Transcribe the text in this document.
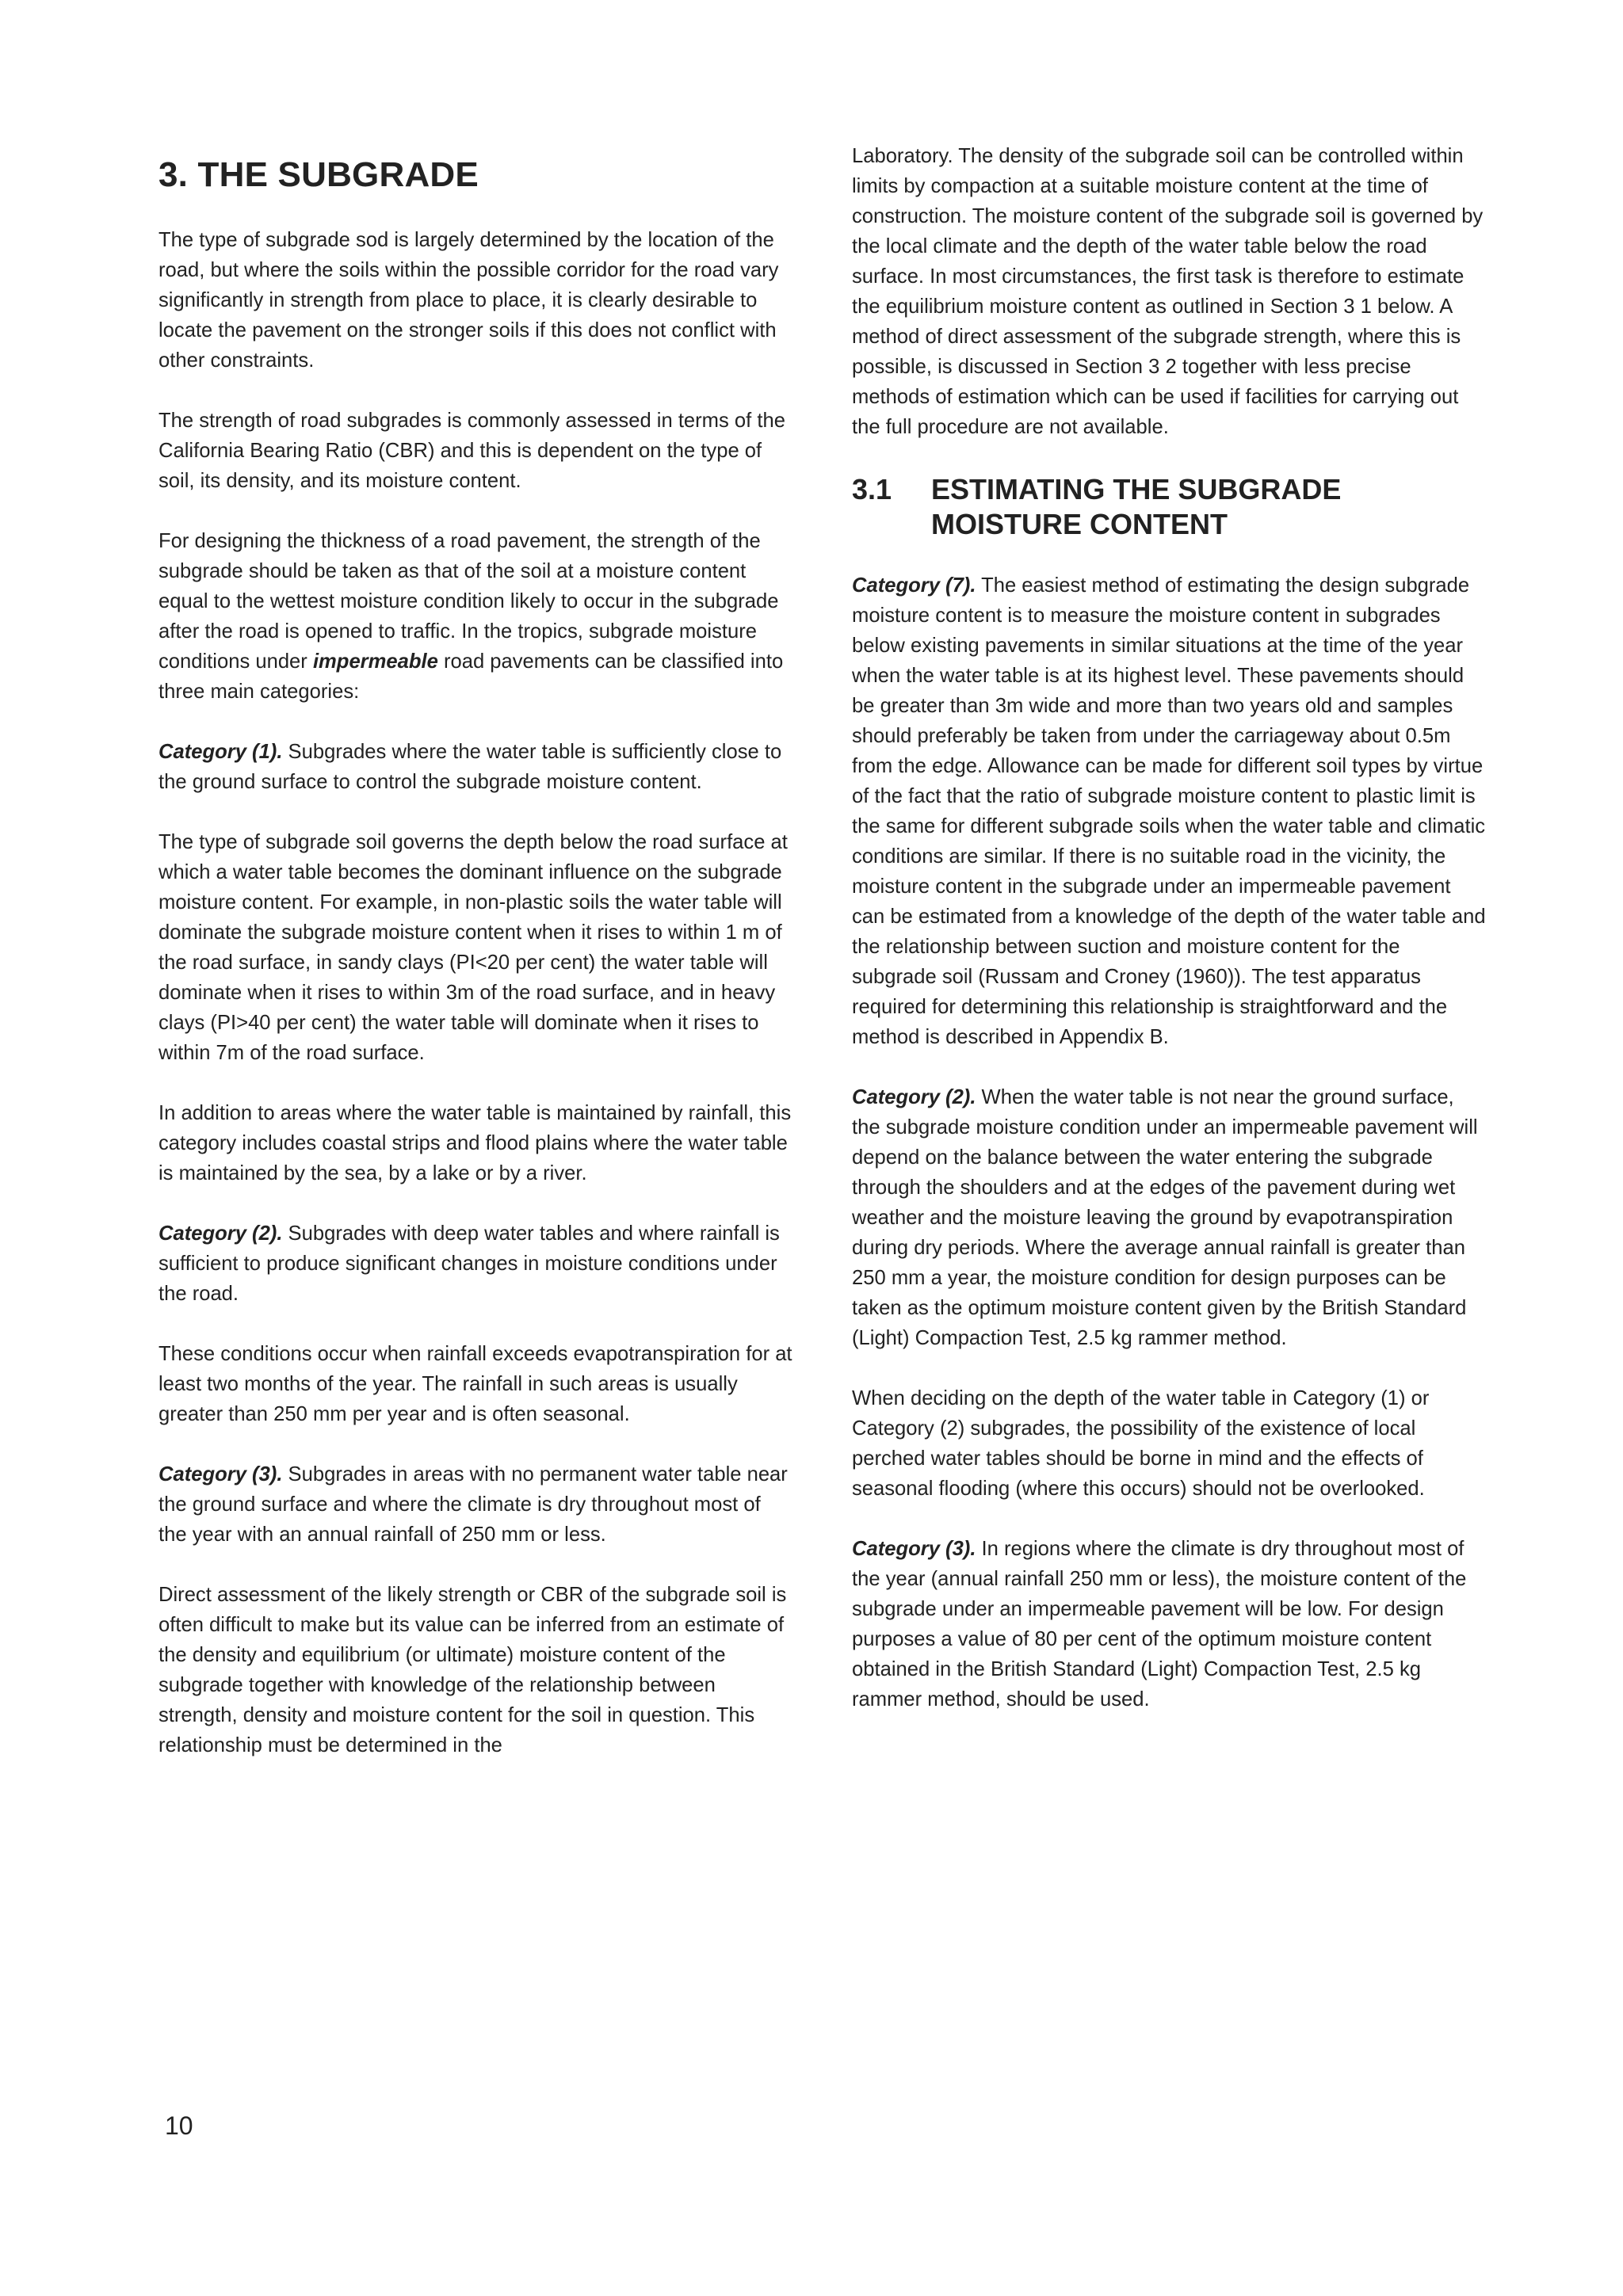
3. THE SUBGRADE

The type of subgrade sod is largely determined by the location of the road, but where the soils within the possible corridor for the road vary significantly in strength from place to place, it is clearly desirable to locate the pavement on the stronger soils if this does not conflict with other constraints.

The strength of road subgrades is commonly assessed in terms of the California Bearing Ratio (CBR) and this is dependent on the type of soil, its density, and its moisture content.

For designing the thickness of a road pavement, the strength of the subgrade should be taken as that of the soil at a moisture content equal to the wettest moisture condition likely to occur in the subgrade after the road is opened to traffic. In the tropics, subgrade moisture conditions under impermeable road pavements can be classified into three main categories:

Category (1). Subgrades where the water table is sufficiently close to the ground surface to control the subgrade moisture content.

The type of subgrade soil governs the depth below the road surface at which a water table becomes the dominant influence on the subgrade moisture content. For example, in non-plastic soils the water table will dominate the subgrade moisture content when it rises to within 1 m of the road surface, in sandy clays (PI<20 per cent) the water table will dominate when it rises to within 3m of the road surface, and in heavy clays (PI>40 per cent) the water table will dominate when it rises to within 7m of the road surface.

In addition to areas where the water table is maintained by rainfall, this category includes coastal strips and flood plains where the water table is maintained by the sea, by a lake or by a river.

Category (2). Subgrades with deep water tables and where rainfall is sufficient to produce significant changes in moisture conditions under the road.

These conditions occur when rainfall exceeds evapotranspiration for at least two months of the year. The rainfall in such areas is usually greater than 250 mm per year and is often seasonal.

Category (3). Subgrades in areas with no permanent water table near the ground surface and where the climate is dry throughout most of the year with an annual rainfall of 250 mm or less.

Direct assessment of the likely strength or CBR of the subgrade soil is often difficult to make but its value can be inferred from an estimate of the density and equilibrium (or ultimate) moisture content of the subgrade together with knowledge of the relationship between strength, density and moisture content for the soil in question. This relationship must be determined in the

Laboratory. The density of the subgrade soil can be controlled within limits by compaction at a suitable moisture content at the time of construction. The moisture content of the subgrade soil is governed by the local climate and the depth of the water table below the road surface. In most circumstances, the first task is therefore to estimate the equilibrium moisture content as outlined in Section 3 1 below. A method of direct assessment of the subgrade strength, where this is possible, is discussed in Section 3 2 together with less precise methods of estimation which can be used if facilities for carrying out the full procedure are not available.

3.1	ESTIMATING THE SUBGRADE MOISTURE CONTENT

Category (7). The easiest method of estimating the design subgrade moisture content is to measure the moisture content in subgrades below existing pavements in similar situations at the time of the year when the water table is at its highest level. These pavements should be greater than 3m wide and more than two years old and samples should preferably be taken from under the carriageway about 0.5m from the edge. Allowance can be made for different soil types by virtue of the fact that the ratio of subgrade moisture content to plastic limit is the same for different subgrade soils when the water table and climatic conditions are similar. If there is no suitable road in the vicinity, the moisture content in the subgrade under an impermeable pavement can be estimated from a knowledge of the depth of the water table and the relationship between suction and moisture content for the subgrade soil (Russam and Croney (1960)). The test apparatus required for determining this relationship is straightforward and the method is described in Appendix B.

Category (2). When the water table is not near the ground surface, the subgrade moisture condition under an impermeable pavement will depend on the balance between the water entering the subgrade through the shoulders and at the edges of the pavement during wet weather and the moisture leaving the ground by evapotranspiration during dry periods. Where the average annual rainfall is greater than 250 mm a year, the moisture condition for design purposes can be taken as the optimum moisture content given by the British Standard (Light) Compaction Test, 2.5 kg rammer method.

When deciding on the depth of the water table in Category (1) or Category (2) subgrades, the possibility of the existence of local perched water tables should be borne in mind and the effects of seasonal flooding (where this occurs) should not be overlooked.

Category (3). In regions where the climate is dry throughout most of the year (annual rainfall 250 mm or less), the moisture content of the subgrade under an impermeable pavement will be low. For design purposes a value of 80 per cent of the optimum moisture content obtained in the British Standard (Light) Compaction Test, 2.5 kg rammer method, should be used.

10
